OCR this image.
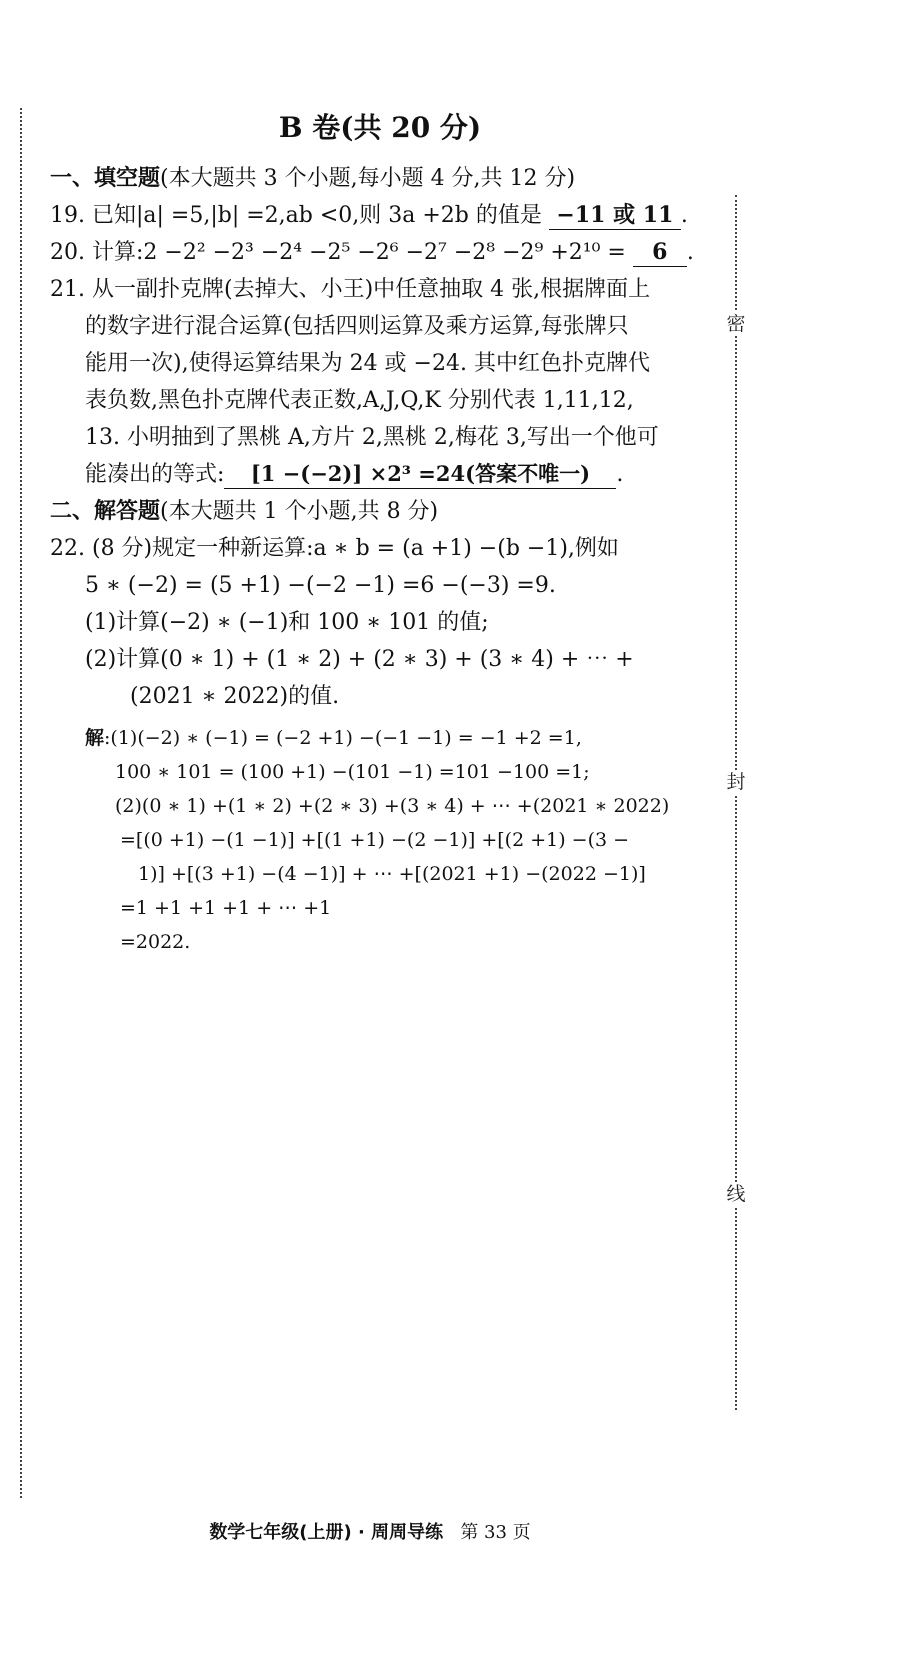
密
封
线
B 卷(共 20 分)
一、填空题(本大题共 3 个小题,每小题 4 分,共 12 分)
19. 已知|a| =5,|b| =2,ab <0,则 3a +2b 的值是 −11 或 11 .
20. 计算:2 −2² −2³ −2⁴ −2⁵ −2⁶ −2⁷ −2⁸ −2⁹ +2¹⁰ = 6 .
21. 从一副扑克牌(去掉大、小王)中任意抽取 4 张,根据牌面上
的数字进行混合运算(包括四则运算及乘方运算,每张牌只
能用一次),使得运算结果为 24 或 −24. 其中红色扑克牌代
表负数,黑色扑克牌代表正数,A,J,Q,K 分别代表 1,11,12,
13. 小明抽到了黑桃 A,方片 2,黑桃 2,梅花 3,写出一个他可
能凑出的等式: [1 −(−2)] ×2³ =24(答案不唯一) .
二、解答题(本大题共 1 个小题,共 8 分)
22. (8 分)规定一种新运算:a ∗ b = (a +1) −(b −1),例如
5 ∗ (−2) = (5 +1) −(−2 −1) =6 −(−3) =9.
(1)计算(−2) ∗ (−1)和 100 ∗ 101 的值;
(2)计算(0 ∗ 1) + (1 ∗ 2) + (2 ∗ 3) + (3 ∗ 4) + ⋯ +
(2021 ∗ 2022)的值.
解:(1)(−2) ∗ (−1) = (−2 +1) −(−1 −1) = −1 +2 =1,
100 ∗ 101 = (100 +1) −(101 −1) =101 −100 =1;
(2)(0 ∗ 1) +(1 ∗ 2) +(2 ∗ 3) +(3 ∗ 4) + ⋯ +(2021 ∗ 2022)
=[(0 +1) −(1 −1)] +[(1 +1) −(2 −1)] +[(2 +1) −(3 −
1)] +[(3 +1) −(4 −1)] + ⋯ +[(2021 +1) −(2022 −1)]
=1 +1 +1 +1 + ⋯ +1
=2022.
数学七年级(上册) · 周周导练 第 33 页
